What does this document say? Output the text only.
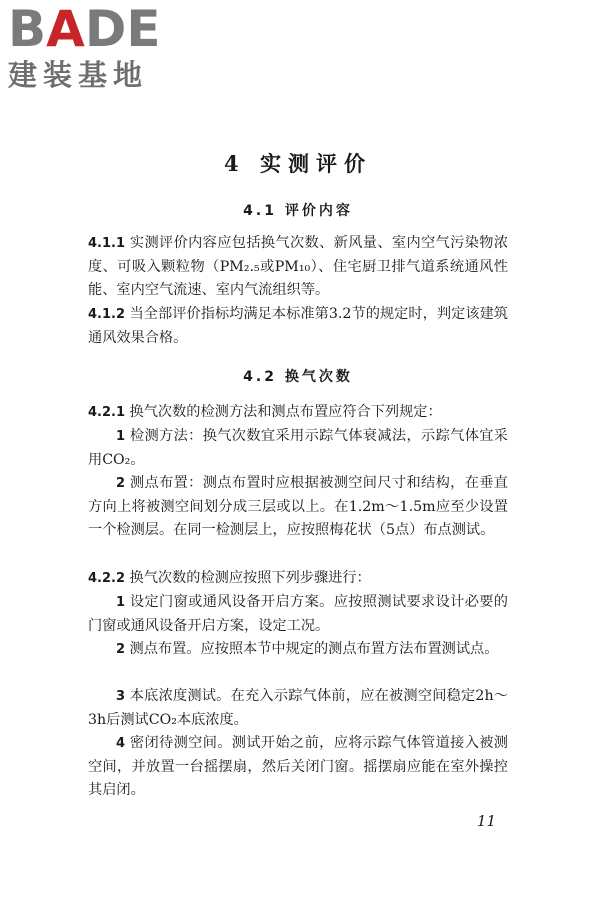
BADE
建装基地
4 实测评价
4.1 评价内容
4.1.1 实测评价内容应包括换气次数、新风量、室内空气污染物浓度、可吸入颗粒物（PM₂.₅或PM₁₀）、住宅厨卫排气道系统通风性能、室内空气流速、室内气流组织等。
4.1.2 当全部评价指标均满足本标准第3.2节的规定时，判定该建筑通风效果合格。
4.2 换气次数
4.2.1 换气次数的检测方法和测点布置应符合下列规定：
1 检测方法：换气次数宜采用示踪气体衰减法，示踪气体宜采用CO₂。
2 测点布置：测点布置时应根据被测空间尺寸和结构，在垂直方向上将被测空间划分成三层或以上。在1.2m～1.5m应至少设置一个检测层。在同一检测层上，应按照梅花状（5点）布点测试。
4.2.2 换气次数的检测应按照下列步骤进行：
1 设定门窗或通风设备开启方案。应按照测试要求设计必要的门窗或通风设备开启方案，设定工况。
2 测点布置。应按照本节中规定的测点布置方法布置测试点。
3 本底浓度测试。在充入示踪气体前，应在被测空间稳定2h～3h后测试CO₂本底浓度。
4 密闭待测空间。测试开始之前，应将示踪气体管道接入被测空间，并放置一台摇摆扇，然后关闭门窗。摇摆扇应能在室外操控其启闭。
11
